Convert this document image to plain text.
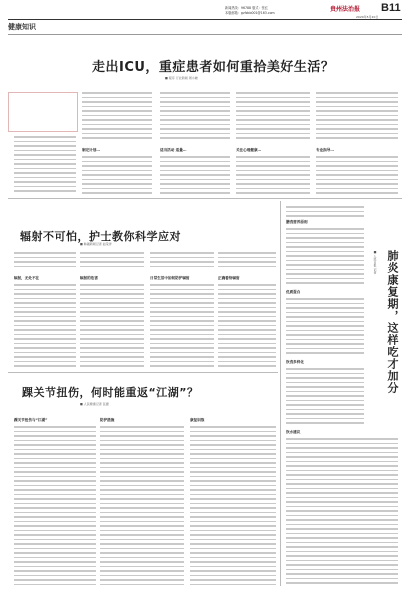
新闻热线：96788 版式：张红
本版邮箱：gzfzbb001@163.com	贵州法治报 B11
2020年5月20日
健康知识
走出ICU，重症患者如何重拾美好生活？
■ 程序 万北新闻 周小晓
辐射不可怕，护士教你科学应对
■ 韩越新闻记者 赵景洋
踝关节扭伤，何时能重返“江湖”？
■ 人民健康记者 张媛
肺炎康复期，这样吃才加分
■ 人民日报 记者
制定计划…	适当活动 适量…	关注心理健康…	专业指导…
辐射，无处不在	辐射的危害	日常生活中如何防护辐射	正确看待辐射
踝关节扭伤与“江湖”	防护措施	康复训练
膳食营养原则
优质蛋白
饮食多样化
饮水建议
